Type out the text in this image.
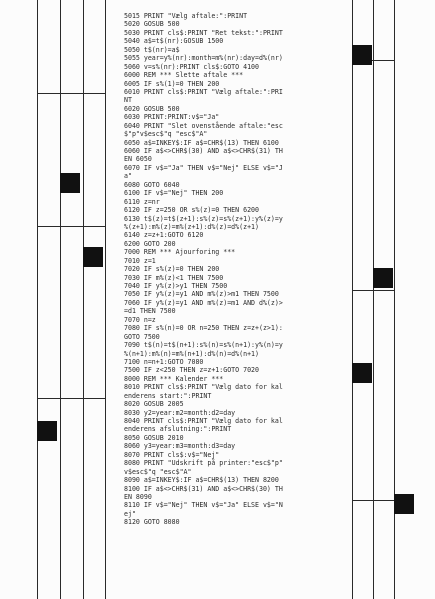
5015 PRINT "Vælg aftale:":PRINT
5020 GOSUB 500
5030 PRINT cls$:PRINT "Ret tekst:":PRINT
5040 a$=t$(nr):GOSUB 1500
5050 t$(nr)=a$
5055 year=y%(nr):month=m%(nr):day=d%(nr)
5060 v=s%(nr):PRINT cls$:GOTO 4100
6000 REM *** Slette aftale ***
6005 IF s%(1)=0 THEN 200
6010 PRINT cls$:PRINT "Vælg aftale:":PRI
NT
6020 GOSUB 500
6030 PRINT:PRINT:v$="Ja"
6040 PRINT "Slet ovenstående aftale:"esc
$"p"v$esc$"q "esc$"A"
6050 a$=INKEY$:IF a$=CHR$(13) THEN 6100
6060 IF a$<>CHR$(30) AND a$<>CHR$(31) TH
EN 6050
6070 IF v$="Ja" THEN v$="Nej" ELSE v$="J
a"
6080 GOTO 6040
6100 IF v$="Nej" THEN 200
6110 z=nr
6120 IF z=250 OR s%(z)=0 THEN 6200
6130 t$(z)=t$(z+1):s%(z)=s%(z+1):y%(z)=y
%(z+1):m%(z)=m%(z+1):d%(z)=d%(z+1)
6140 z=z+1:GOTO 6120
6200 GOTO 200
7000 REM *** Ajourforing ***
7010 z=1
7020 IF s%(z)=0 THEN 200
7030 IF m%(z)<1 THEN 7500
7040 IF y%(z)>y1 THEN 7500
7050 IF y%(z)=y1 AND m%(z)>m1 THEN 7500
7060 IF y%(z)=y1 AND m%(z)=m1 AND d%(z)>
=d1 THEN 7500
7070 n=z
7080 IF s%(n)=0 OR n=250 THEN z=z+(z>1):
GOTO 7500
7090 t$(n)=t$(n+1):s%(n)=s%(n+1):y%(n)=y
%(n+1):m%(n)=m%(n+1):d%(n)=d%(n+1)
7100 n=n+1:GOTO 7080
7500 IF z<250 THEN z=z+1:GOTO 7020
8000 REM *** Kalender ***
8010 PRINT cls$:PRINT "Vælg dato for kal
enderens start:":PRINT
8020 GOSUB 2005
8030 y2=year:m2=month:d2=day
8040 PRINT cls$:PRINT "Vælg dato for kal
enderens afslutning:":PRINT
8050 GOSUB 2010
8060 y3=year:m3=month:d3=day
8070 PRINT cls$:v$="Nej"
8080 PRINT "Udskrift på printer:"esc$"p"
v$esc$"q "esc$"A"
8090 a$=INKEY$:IF a$=CHR$(13) THEN 8200
8100 IF a$<>CHR$(31) AND a$<>CHR$(30) TH
EN 8090
8110 IF v$="Nej" THEN v$="Ja" ELSE v$="N
ej"
8120 GOTO 8080
